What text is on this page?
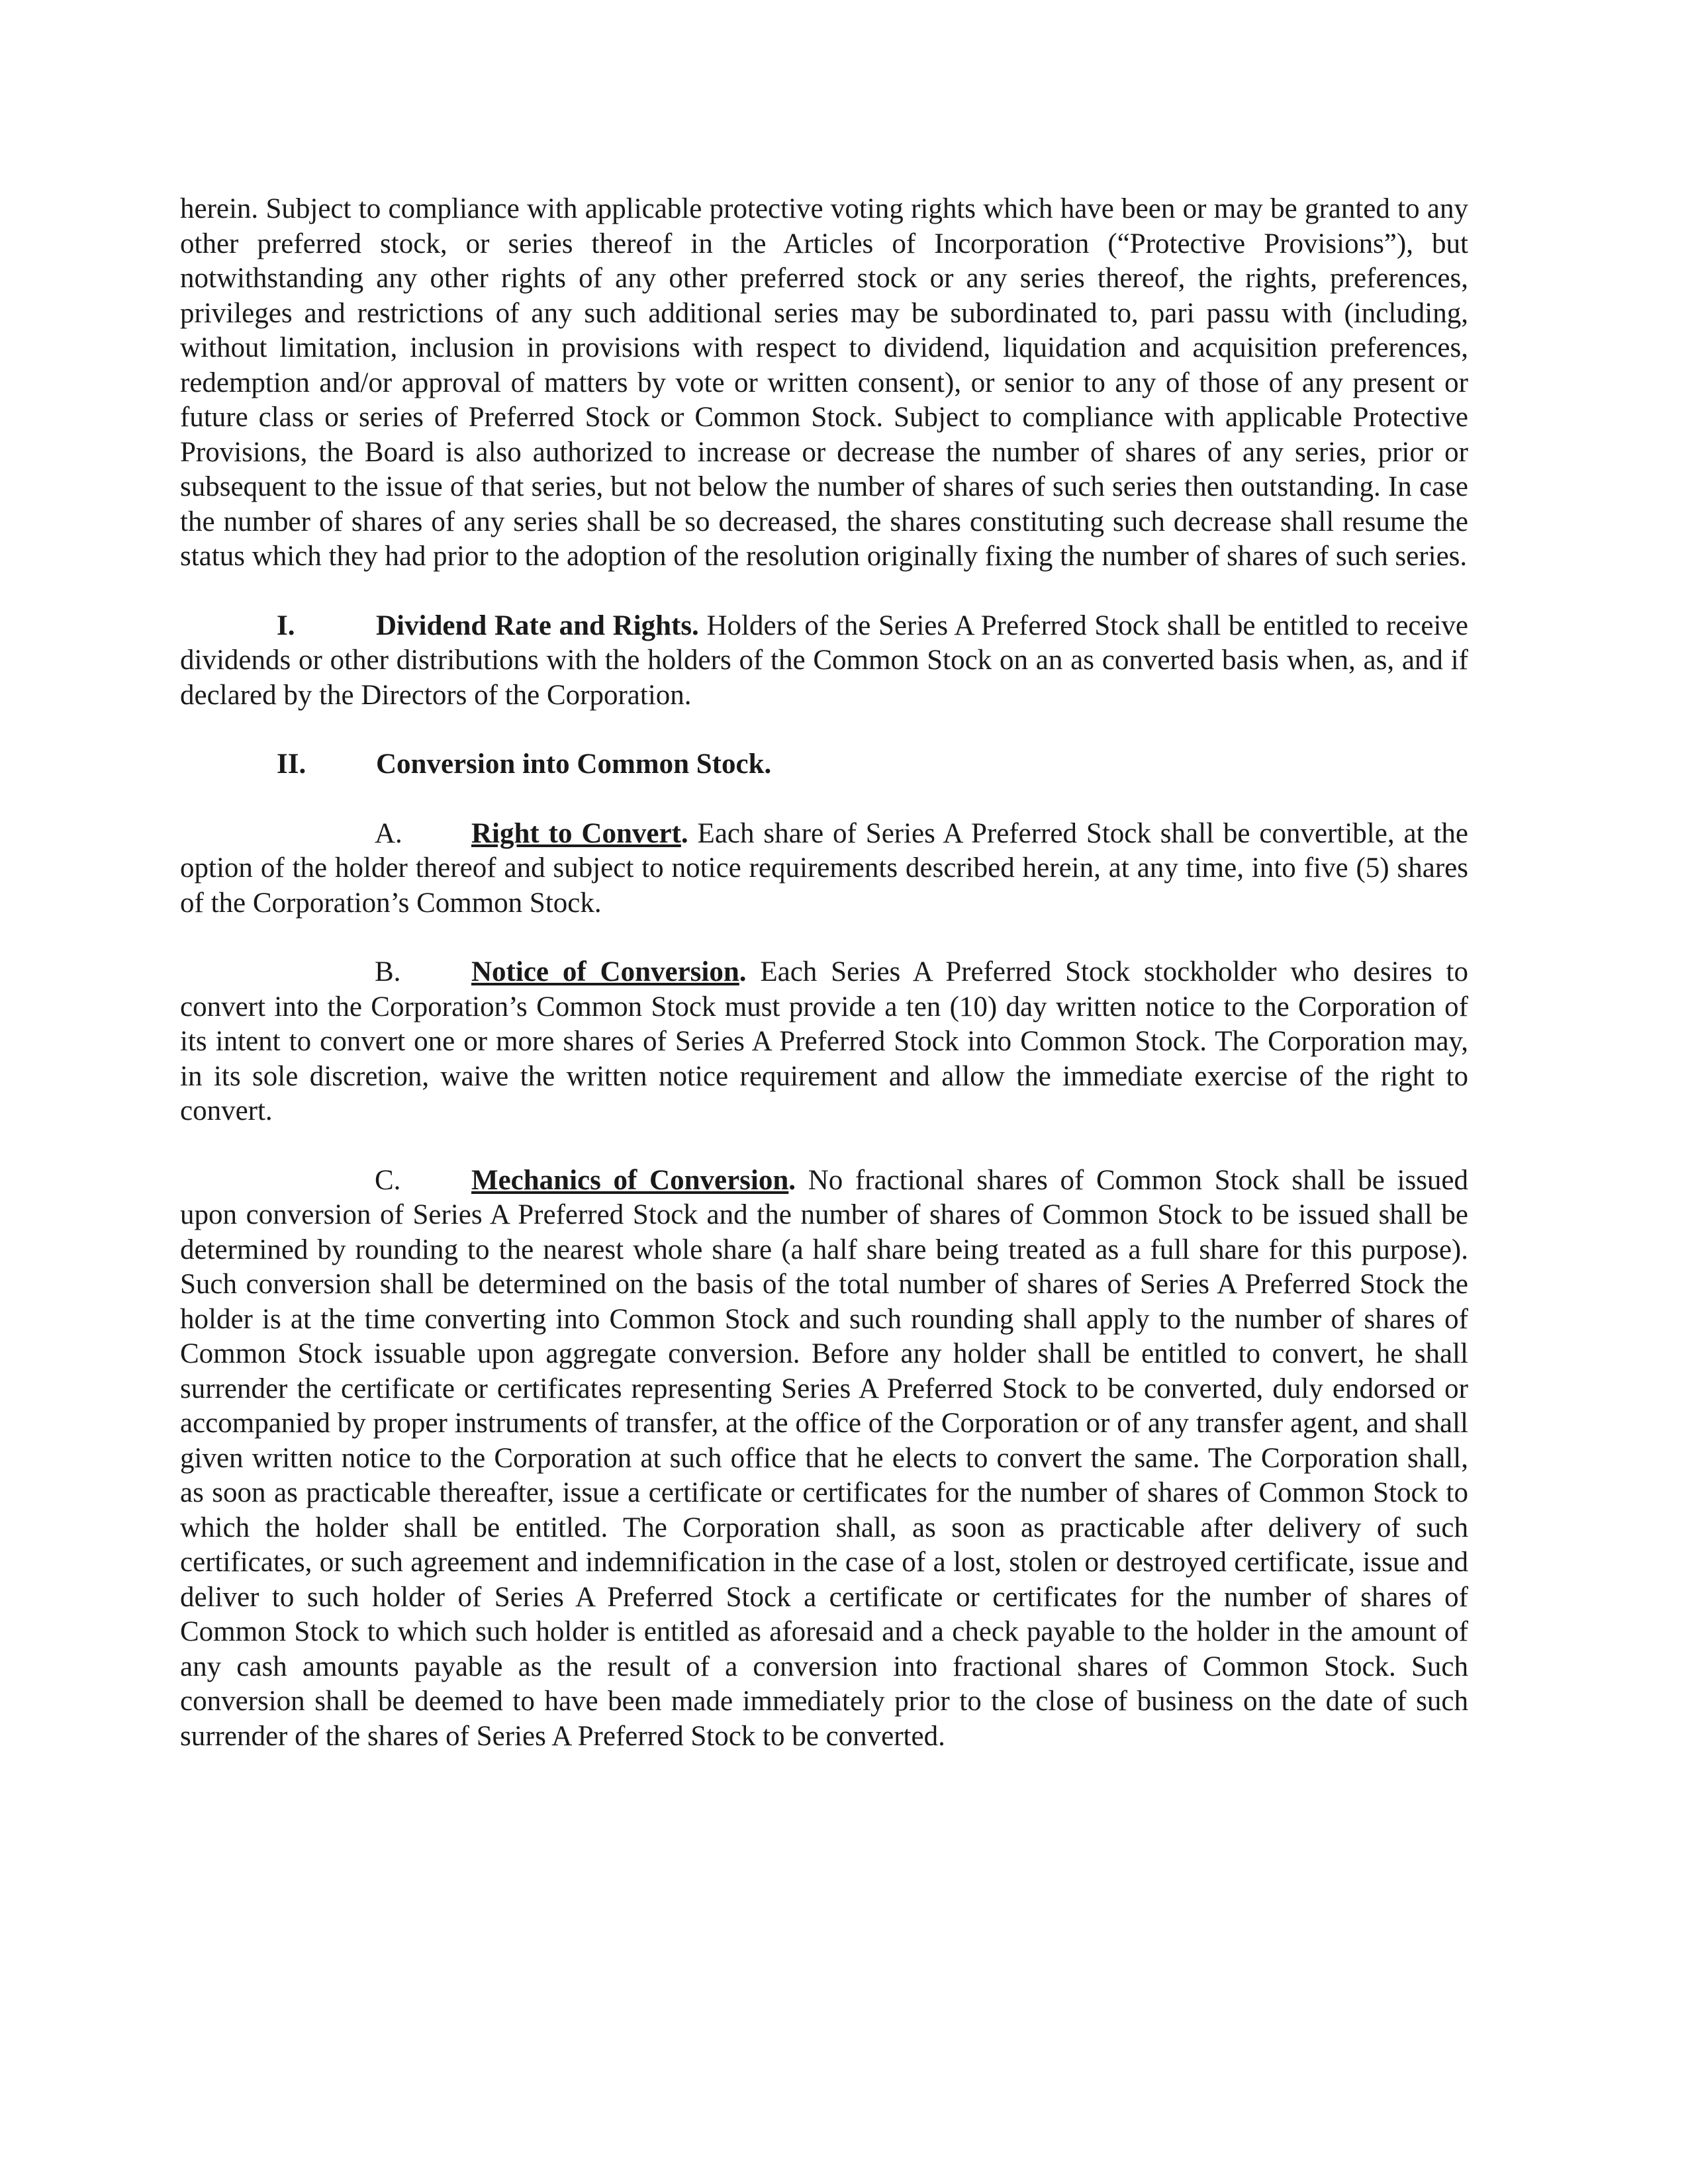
herein. Subject to compliance with applicable protective voting rights which have been or may be granted to any other preferred stock, or series thereof in the Articles of Incorporation (“Protective Provisions”), but notwithstanding any other rights of any other preferred stock or any series thereof, the rights, preferences, privileges and restrictions of any such additional series may be subordinated to, pari passu with (including, without limitation, inclusion in provisions with respect to dividend, liquidation and acquisition preferences, redemption and/or approval of matters by vote or written consent), or senior to any of those of any present or future class or series of Preferred Stock or Common Stock. Subject to compliance with applicable Protective Provisions, the Board is also authorized to increase or decrease the number of shares of any series, prior or subsequent to the issue of that series, but not below the number of shares of such series then outstanding. In case the number of shares of any series shall be so decreased, the shares constituting such decrease shall resume the status which they had prior to the adoption of the resolution originally fixing the number of shares of such series.

I.	Dividend Rate and Rights. Holders of the Series A Preferred Stock shall be entitled to receive dividends or other distributions with the holders of the Common Stock on an as converted basis when, as, and if declared by the Directors of the Corporation.

II. Conversion into Common Stock.

A. Right to Convert. Each share of Series A Preferred Stock shall be convertible, at the option of the holder thereof and subject to notice requirements described herein, at any time, into five (5) shares of the Corporation’s Common Stock.

B. Notice of Conversion. Each Series A Preferred Stock stockholder who desires to convert into the Corporation’s Common Stock must provide a ten (10) day written notice to the Corporation of its intent to convert one or more shares of Series A Preferred Stock into Common Stock. The Corporation may, in its sole discretion, waive the written notice requirement and allow the immediate exercise of the right to convert.

C. Mechanics of Conversion. No fractional shares of Common Stock shall be issued upon conversion of Series A Preferred Stock and the number of shares of Common Stock to be issued shall be determined by rounding to the nearest whole share (a half share being treated as a full share for this purpose). Such conversion shall be determined on the basis of the total number of shares of Series A Preferred Stock the holder is at the time converting into Common Stock and such rounding shall apply to the number of shares of Common Stock issuable upon aggregate conversion. Before any holder shall be entitled to convert, he shall surrender the certificate or certificates representing Series A Preferred Stock to be converted, duly endorsed or accompanied by proper instruments of transfer, at the office of the Corporation or of any transfer agent, and shall given written notice to the Corporation at such office that he elects to convert the same. The Corporation shall, as soon as practicable thereafter, issue a certificate or certificates for the number of shares of Common Stock to which the holder shall be entitled. The Corporation shall, as soon as practicable after delivery of such certificates, or such agreement and indemnification in the case of a lost, stolen or destroyed certificate, issue and deliver to such holder of Series A Preferred Stock a certificate or certificates for the number of shares of Common Stock to which such holder is entitled as aforesaid and a check payable to the holder in the amount of any cash amounts payable as the result of a conversion into fractional shares of Common Stock. Such conversion shall be deemed to have been made immediately prior to the close of business on the date of such surrender of the shares of Series A Preferred Stock to be converted.
